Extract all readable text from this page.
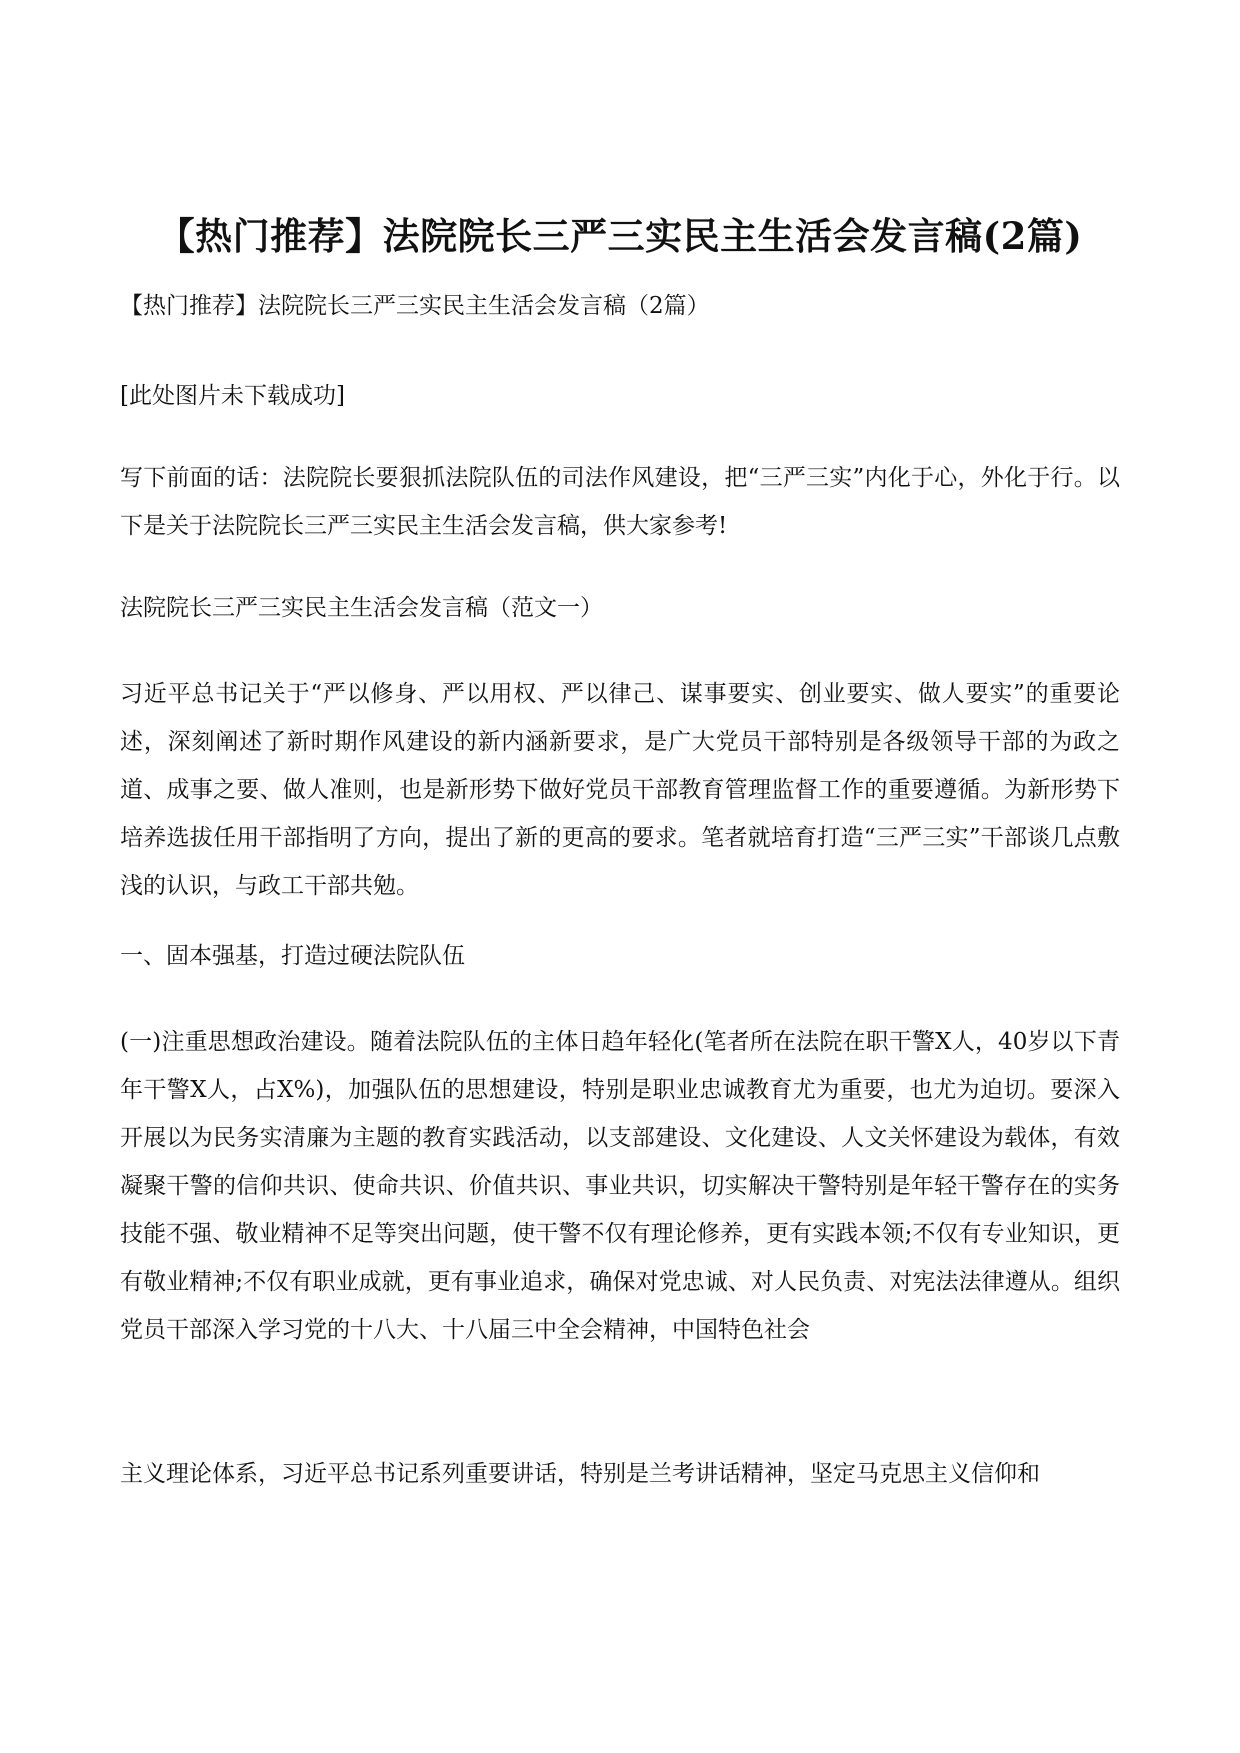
【热门推荐】法院院长三严三实民主生活会发言稿(2篇)

【热门推荐】法院院长三严三实民主生活会发言稿（2篇）

[此处图片未下载成功]

写下前面的话：法院院长要狠抓法院队伍的司法作风建设，把“三严三实”内化于心，外化于行。以下是关于法院院长三严三实民主生活会发言稿，供大家参考!

法院院长三严三实民主生活会发言稿（范文一）

习近平总书记关于“严以修身、严以用权、严以律己、谋事要实、创业要实、做人要实”的重要论述，深刻阐述了新时期作风建设的新内涵新要求，是广大党员干部特别是各级领导干部的为政之道、成事之要、做人准则，也是新形势下做好党员干部教育管理监督工作的重要遵循。为新形势下培养选拔任用干部指明了方向，提出了新的更高的要求。笔者就培育打造“三严三实”干部谈几点敷浅的认识，与政工干部共勉。

一、固本强基，打造过硬法院队伍

(一)注重思想政治建设。随着法院队伍的主体日趋年轻化(笔者所在法院在职干警X人，40岁以下青年干警X人，占X%)，加强队伍的思想建设，特别是职业忠诚教育尤为重要，也尤为迫切。要深入开展以为民务实清廉为主题的教育实践活动，以支部建设、文化建设、人文关怀建设为载体，有效凝聚干警的信仰共识、使命共识、价值共识、事业共识，切实解决干警特别是年轻干警存在的实务技能不强、敬业精神不足等突出问题，使干警不仅有理论修养，更有实践本领;不仅有专业知识，更有敬业精神;不仅有职业成就，更有事业追求，确保对党忠诚、对人民负责、对宪法法律遵从。组织党员干部深入学习党的十八大、十八届三中全会精神，中国特色社会

主义理论体系，习近平总书记系列重要讲话，特别是兰考讲话精神，坚定马克思主义信仰和
